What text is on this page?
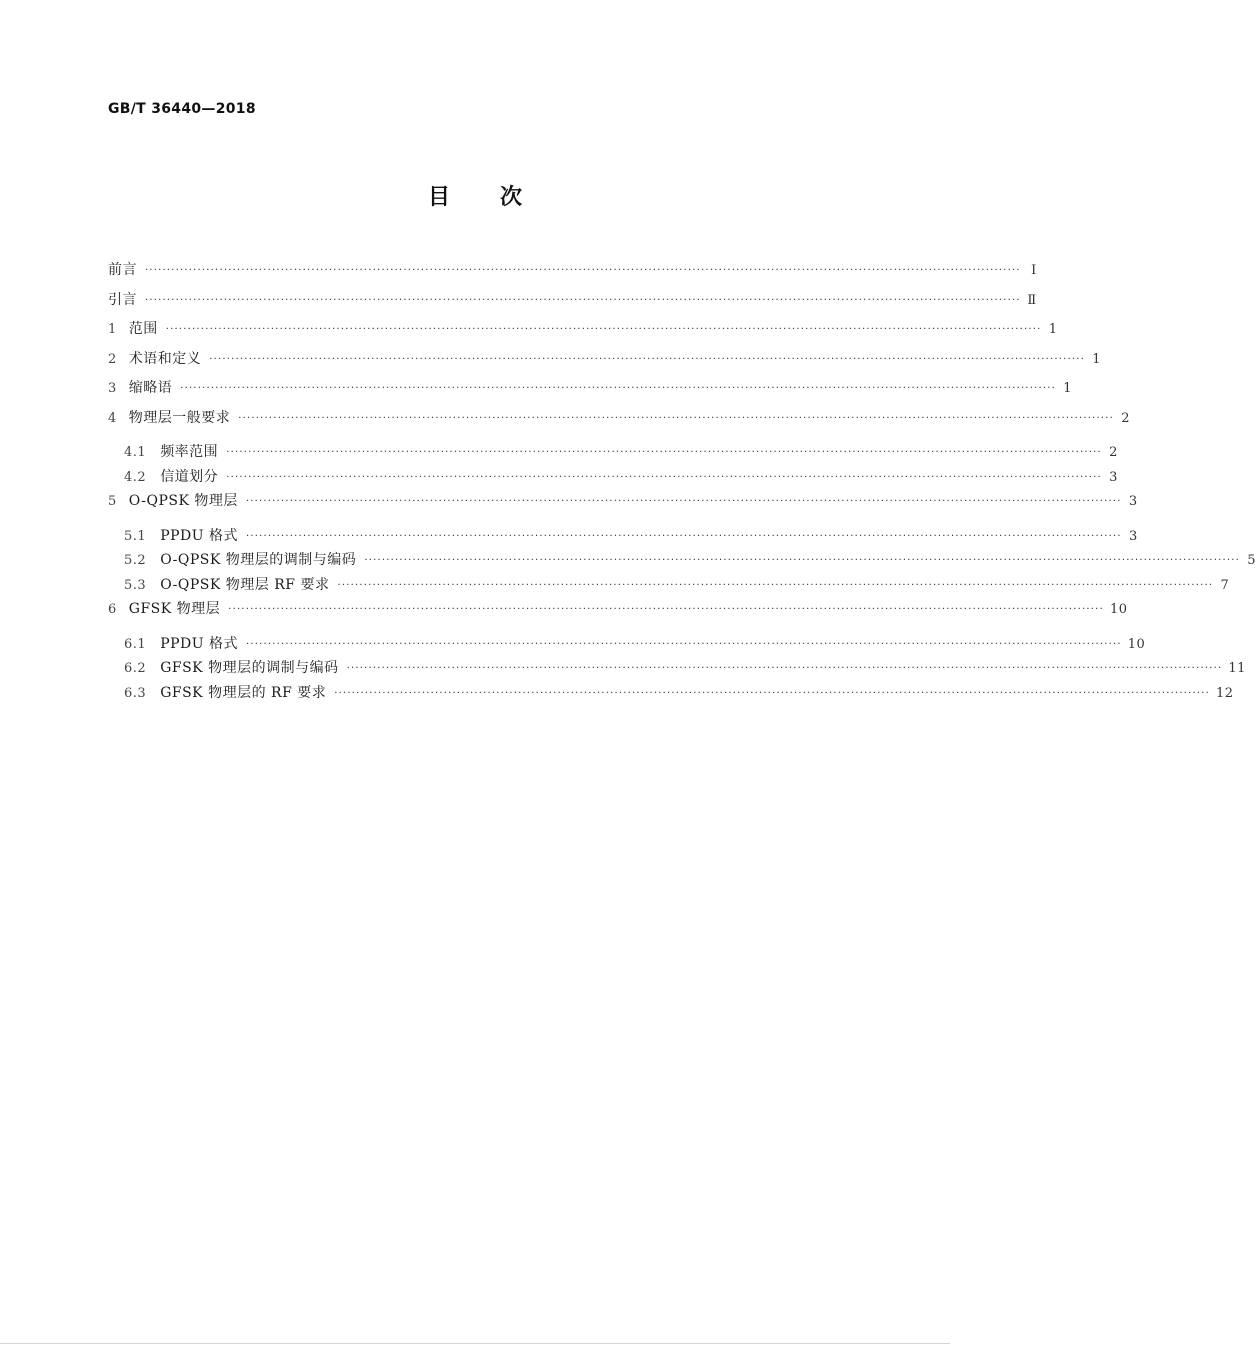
GB/T 36440—2018
目次
前言 ········································································································································································································ Ⅰ
引言 ········································································································································································································ Ⅱ
1 范围 ········································································································································································································ 1
2 术语和定义 ········································································································································································································ 1
3 缩略语 ········································································································································································································ 1
4 物理层一般要求 ········································································································································································································ 2
4.1 频率范围 ········································································································································································································ 2
4.2 信道划分 ········································································································································································································ 3
5 O-QPSK 物理层 ········································································································································································································ 3
5.1 PPDU 格式 ········································································································································································································ 3
5.2 O-QPSK 物理层的调制与编码 ········································································································································································································ 5
5.3 O-QPSK 物理层 RF 要求 ········································································································································································································ 7
6 GFSK 物理层 ········································································································································································································ 10
6.1 PPDU 格式 ········································································································································································································ 10
6.2 GFSK 物理层的调制与编码 ········································································································································································································ 11
6.3 GFSK 物理层的 RF 要求 ········································································································································································································ 12
